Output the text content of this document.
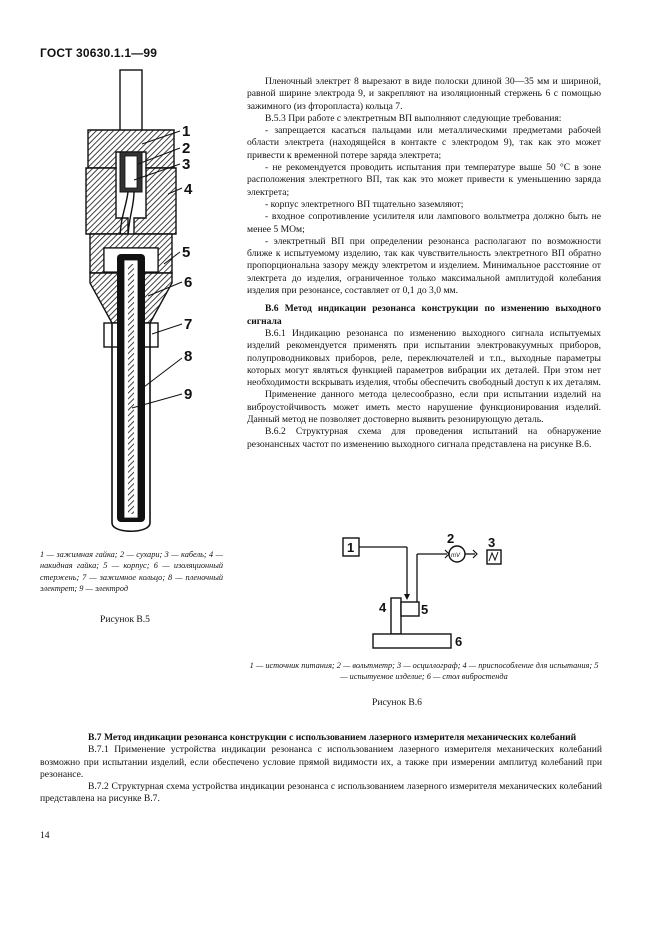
ГОСТ 30630.1.1—99
1
2
3
4
5
6
7
8
9
1 — зажимная гайка; 2 — сухари; 3 — кабель; 4 — накидная гайка; 5 — корпус; 6 — изоляционный стержень; 7 — зажимное кольцо; 8 — пленочный электрет; 9 — электрод
Рисунок В.5

Пленочный электрет 8 вырезают в виде полоски длиной 30—35 мм и шириной, равной ширине электрода 9, и закрепляют на изоляционный стержень 6 с помощью зажимного (из фторопласта) кольца 7.

В.5.3 При работе с электретным ВП выполняют следующие требования:

- запрещается касаться пальцами или металлическими предметами рабочей области электрета (находящейся в контакте с электродом 9), так как это может привести к временной потере заряда электрета;

- не рекомендуется проводить испытания при температуре выше 50 °С в зоне расположения электретного ВП, так как это может привести к уменьшению заряда электрета;

- корпус электретного ВП тщательно заземляют;

- входное сопротивление усилителя или лампового вольтметра должно быть не менее 5 МОм;

- электретный ВП при определении резонанса располагают по возможности ближе к испытуемому изделию, так как чувствительность электретного ВП обратно пропорциональна зазору между электретом и изделием. Минимальное расстояние от электрета до изделия, ограниченное только максимальной амплитудой колебания изделия при резонансе, составляет от 0,1 до 3,0 мм.

В.6 Метод индикации резонанса конструкции по изменению выходного сигнала

В.6.1 Индикацию резонанса по изменению выходного сигнала испытуемых изделий рекомендуется применять при испытании электровакуумных приборов, полупроводниковых приборов, реле, переключателей и т.п., выходные параметры которых могут являться функцией параметров вибрации их деталей. При этом нет необходимости вскрывать изделия, чтобы обеспечить свободный доступ к их деталям.

Применение данного метода целесообразно, если при испытании изделий на виброустойчивость может иметь место нарушение функционирования изделий. Данный метод не позволяет достоверно выявить резонирующую деталь.

В.6.2 Структурная схема для проведения испытаний на обнаружение резонансных частот по изменению выходного сигнала представлена на рисунке В.6.

mV
1
2
4	5
6
3
1 — источник питания; 2 — вольтметр; 3 — осциллограф; 4 — приспособление для испытания; 5 — испытуемое изделие; 6 — стол вибростенда
Рисунок В.6

В.7 Метод индикации резонанса конструкции с использованием лазерного измерителя механических колебаний

В.7.1 Применение устройства индикации резонанса с использованием лазерного измерителя механических колебаний возможно при испытании изделий, если обеспечено условие прямой видимости их, а также при измерении амплитуд колебаний при резонансе.

В.7.2 Структурная схема устройства индикации резонанса с использованием лазерного измерителя механических колебаний представлена на рисунке В.7.

14
